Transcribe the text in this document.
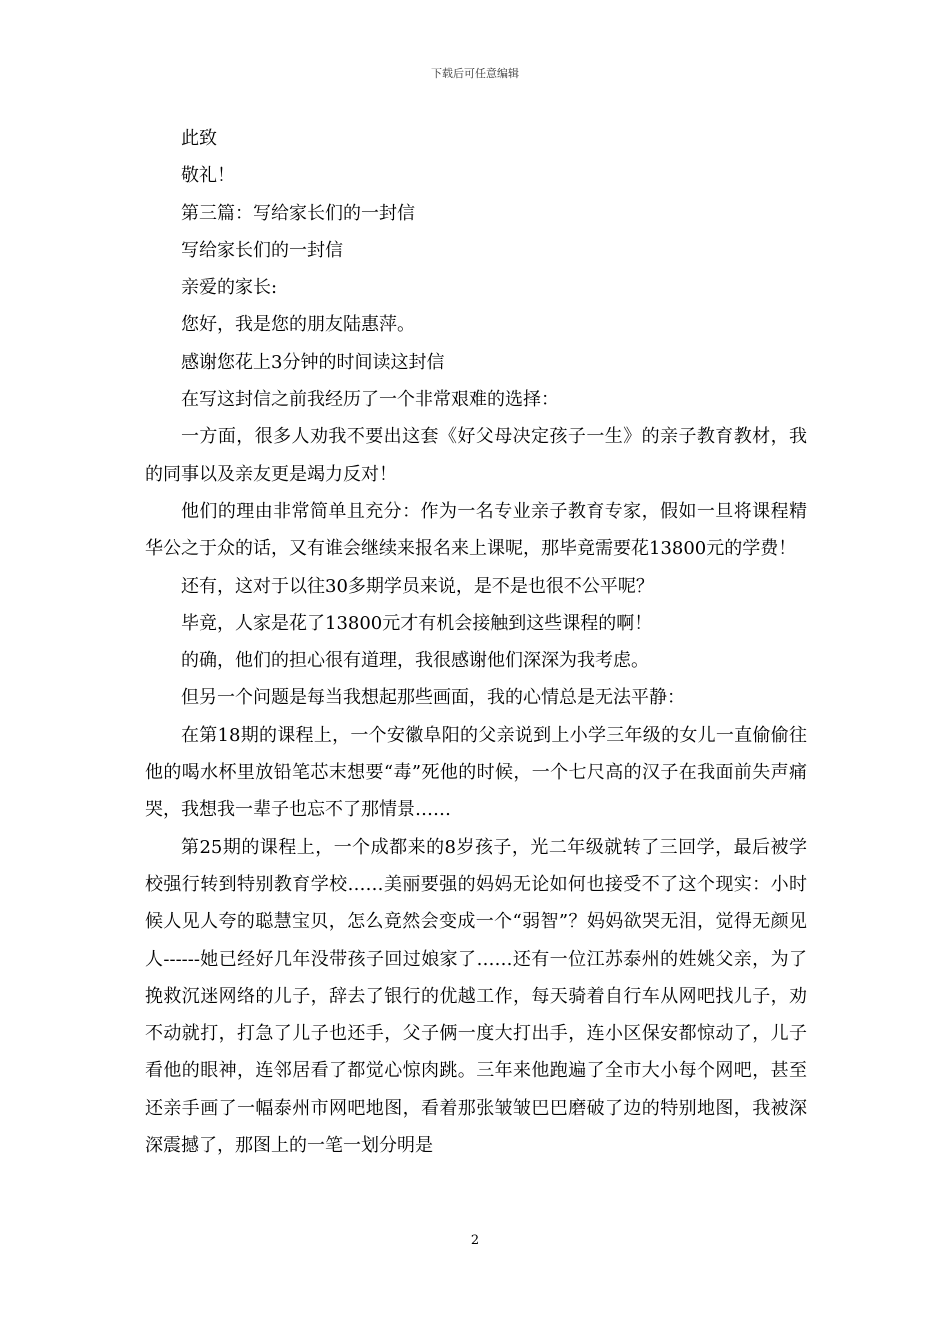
下载后可任意编辑

此致

敬礼！

第三篇：写给家长们的一封信

写给家长们的一封信

亲爱的家长:

您好，我是您的朋友陆惠萍。

感谢您花上3分钟的时间读这封信

在写这封信之前我经历了一个非常艰难的选择：

一方面，很多人劝我不要出这套《好父母决定孩子一生》的亲子教育教材，我的同事以及亲友更是竭力反对！

他们的理由非常简单且充分：作为一名专业亲子教育专家，假如一旦将课程精华公之于众的话，又有谁会继续来报名来上课呢，那毕竟需要花13800元的学费！

还有，这对于以往30多期学员来说，是不是也很不公平呢？

毕竟，人家是花了13800元才有机会接触到这些课程的啊！

的确，他们的担心很有道理，我很感谢他们深深为我考虑。

但另一个问题是每当我想起那些画面，我的心情总是无法平静：

在第18期的课程上，一个安徽阜阳的父亲说到上小学三年级的女儿一直偷偷往他的喝水杯里放铅笔芯末想要“毒”死他的时候，一个七尺高的汉子在我面前失声痛哭，我想我一辈子也忘不了那情景……

第25期的课程上，一个成都来的8岁孩子，光二年级就转了三回学，最后被学校强行转到特别教育学校……美丽要强的妈妈无论如何也接受不了这个现实：小时候人见人夸的聪慧宝贝，怎么竟然会变成一个“弱智”？妈妈欲哭无泪，觉得无颜见人------她已经好几年没带孩子回过娘家了……还有一位江苏泰州的姓姚父亲，为了挽救沉迷网络的儿子，辞去了银行的优越工作，每天骑着自行车从网吧找儿子，劝不动就打，打急了儿子也还手，父子俩一度大打出手，连小区保安都惊动了，儿子看他的眼神，连邻居看了都觉心惊肉跳。三年来他跑遍了全市大小每个网吧，甚至还亲手画了一幅泰州市网吧地图，看着那张皱皱巴巴磨破了边的特别地图，我被深深震撼了，那图上的一笔一划分明是

2
